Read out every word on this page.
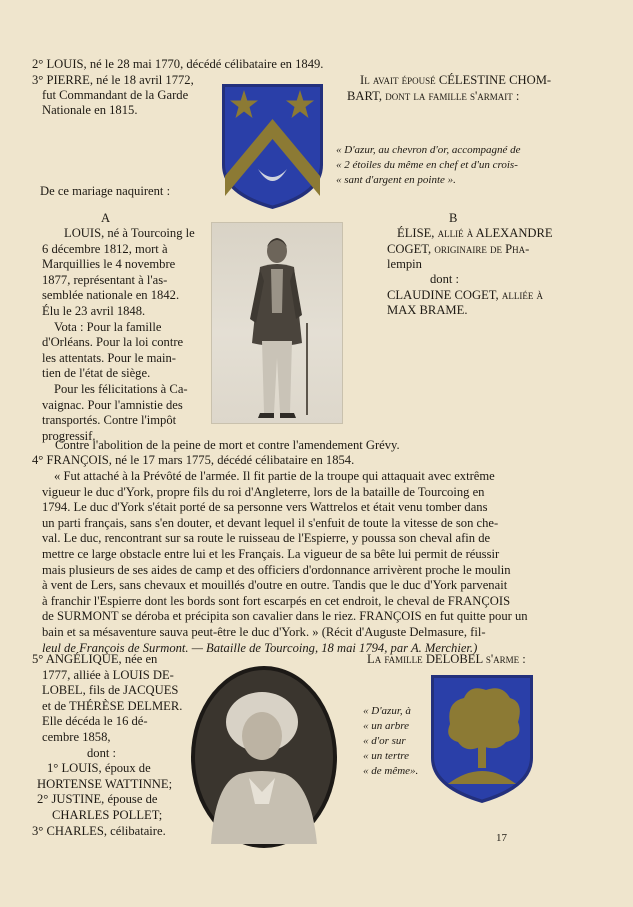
2° LOUIS, né le 28 mai 1770, décédé célibataire en 1849.

3° PIERRE, né le 18 avril 1772,

fut Commandant de la Garde

Nationale en 1815.

Il avait épousé CÉLESTINE CHOM-

BART, dont la famille s'armait :

« D'azur, au chevron d'or, accompagné de

« 2 étoiles du même en chef et d'un crois-

« sant d'argent en pointe ».

De ce mariage naquirent :

A

LOUIS, né à Tourcoing le

6 décembre 1812, mort à

Marquillies le 4 novembre

1877, représentant à l'as-

semblée nationale en 1842.

Élu le 23 avril 1848.

Vota : Pour la famille

d'Orléans. Pour la loi contre

les attentats. Pour le main-

tien de l'état de siège.

Pour les félicitations à Ca-

vaignac. Pour l'amnistie des

transportés. Contre l'impôt

progressif.

B

ÉLISE, allié à ALEXANDRE

COGET, originaire de Pha-

lempin

dont :

CLAUDINE COGET, alliée à

MAX BRAME.

Contre l'abolition de la peine de mort et contre l'amendement Grévy.

4° FRANÇOIS, né le 17 mars 1775, décédé célibataire en 1854.

« Fut attaché à la Prévôté de l'armée. Il fit partie de la troupe qui attaquait avec extrême

vigueur le duc d'York, propre fils du roi d'Angleterre, lors de la bataille de Tourcoing en

1794. Le duc d'York s'était porté de sa personne vers Wattrelos et était venu tomber dans

un parti français, sans s'en douter, et devant lequel il s'enfuit de toute la vitesse de son che-

val. Le duc, rencontrant sur sa route le ruisseau de l'Espierre, y poussa son cheval afin de

mettre ce large obstacle entre lui et les Français. La vigueur de sa bête lui permit de réussir

mais plusieurs de ses aides de camp et des officiers d'ordonnance arrivèrent proche le moulin

à vent de Lers, sans chevaux et mouillés d'outre en outre. Tandis que le duc d'York parvenait

à franchir l'Espierre dont les bords sont fort escarpés en cet endroit, le cheval de FRANÇOIS

de SURMONT se déroba et précipita son cavalier dans le riez. FRANÇOIS en fut quitte pour un

bain et sa mésaventure sauva peut-être le duc d'York. » (Récit d'Auguste Delmasure, fil-

leul de François de Surmont. — Bataille de Tourcoing, 18 mai 1794, par A. Merchier.)

5° ANGÉLIQUE, née en

1777, alliée à LOUIS DE-

LOBEL, fils de JACQUES

et de THÉRÈSE DELMER.

Elle décéda le 16 dé-

cembre 1858,

dont :

1° LOUIS, époux de

HORTENSE WATTINNE;

2° JUSTINE, épouse de

CHARLES POLLET;

3° CHARLES, célibataire.

La famille DELOBEL s'arme :

« D'azur, à

« un arbre

« d'or sur

« un tertre

« de même».

17
